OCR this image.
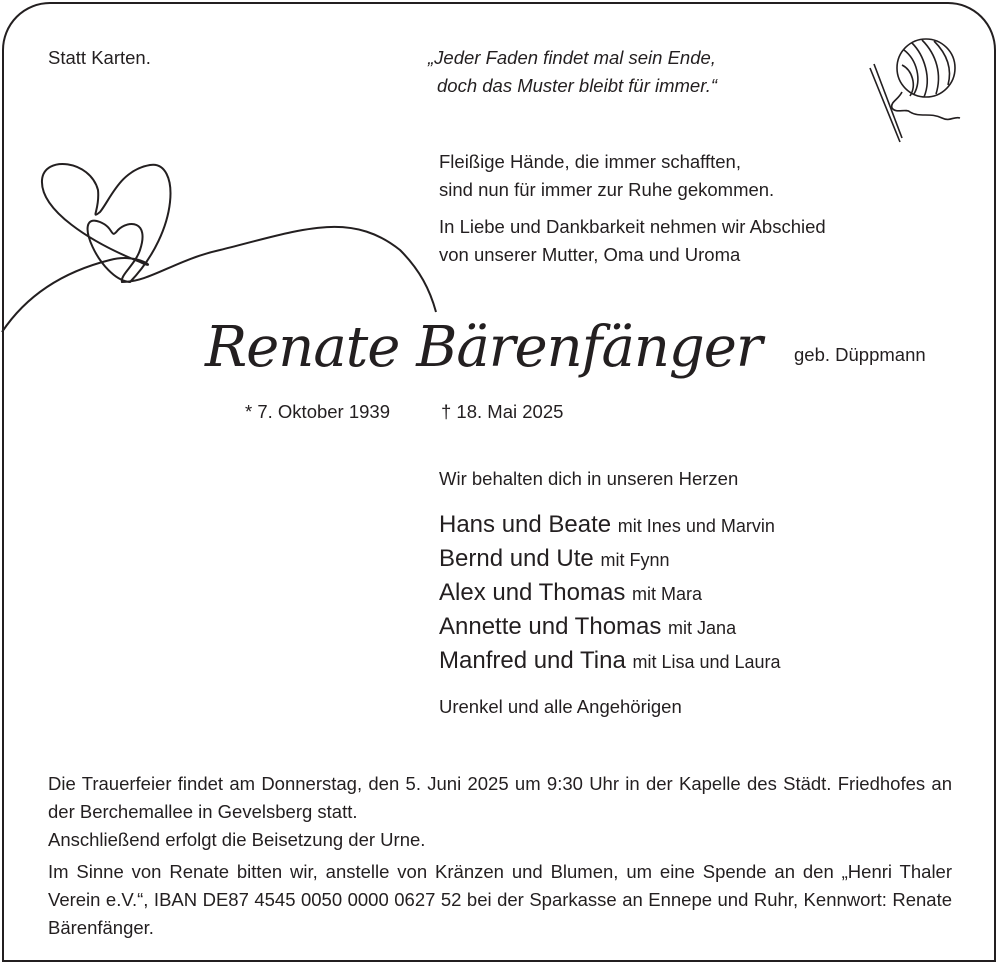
Statt Karten.	„Jeder Faden findet mal sein Ende,
doch das Muster bleibt für immer.“
Fleißige Hände, die immer schafften,
sind nun für immer zur Ruhe gekommen.
In Liebe und Dankbarkeit nehmen wir Abschied
von unserer Mutter, Oma und Uroma
Renate Bärenfänger geb. Düppmann
* 7. Oktober 1939	† 18. Mai 2025
Wir behalten dich in unseren Herzen
Hans und Beate mit Ines und Marvin
Bernd und Ute mit Fynn
Alex und Thomas mit Mara
Annette und Thomas mit Jana
Manfred und Tina mit Lisa und Laura
Urenkel und alle Angehörigen
Die Trauerfeier findet am Donnerstag, den 5. Juni 2025 um 9:30 Uhr in der Kapelle des Städt. Friedhofes an der Berchemallee in Gevelsberg statt.
Anschließend erfolgt die Beisetzung der Urne.
Im Sinne von Renate bitten wir, anstelle von Kränzen und Blumen, um eine Spende an den „Henri Thaler Verein e.V.“, IBAN DE87 4545 0050 0000 0627 52 bei der Sparkasse an Ennepe und Ruhr, Kennwort: Renate Bärenfänger.
